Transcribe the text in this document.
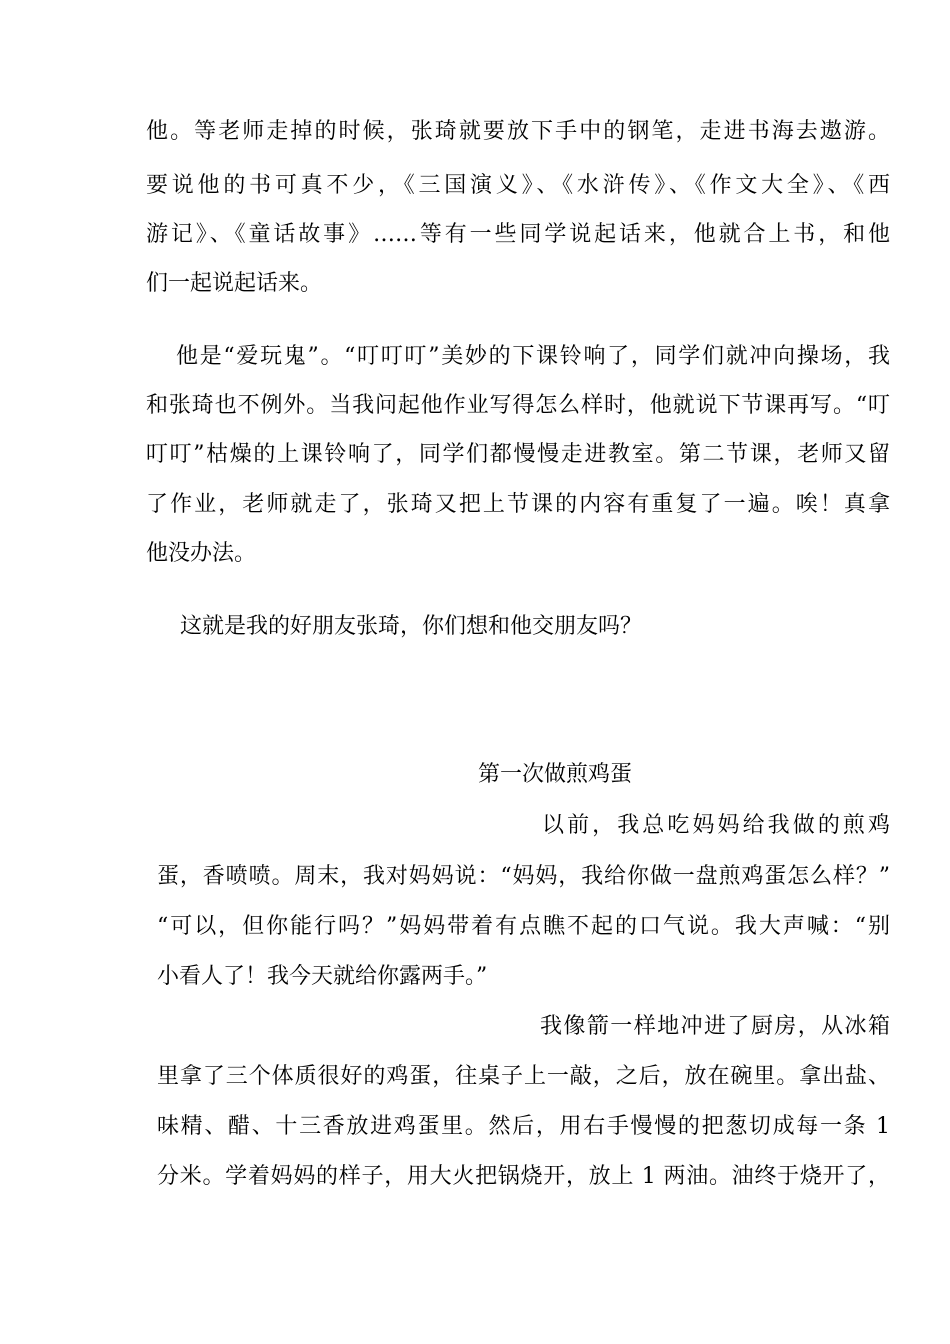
他。等老师走掉的时候，张琦就要放下手中的钢笔，走进书海去遨游。
要说他的书可真不少，《三国演义》、《水浒传》、《作文大全》、《西
游记》、《童话故事》……等有一些同学说起话来，他就合上书，和他
们一起说起话来。
他是“爱玩鬼”。“叮叮叮”美妙的下课铃响了，同学们就冲向操场，我
和张琦也不例外。当我问起他作业写得怎么样时，他就说下节课再写。“叮
叮叮”枯燥的上课铃响了，同学们都慢慢走进教室。第二节课，老师又留
了作业，老师就走了，张琦又把上节课的内容有重复了一遍。唉！真拿
他没办法。
这就是我的好朋友张琦，你们想和他交朋友吗？
第一次做煎鸡蛋
以前，我总吃妈妈给我做的煎鸡
蛋，香喷喷。周末，我对妈妈说：“妈妈，我给你做一盘煎鸡蛋怎么样？”
“可以，但你能行吗？”妈妈带着有点瞧不起的口气说。我大声喊：“别
小看人了！我今天就给你露两手。”
我像箭一样地冲进了厨房，从冰箱
里拿了三个体质很好的鸡蛋，往桌子上一敲，之后，放在碗里。拿出盐、
味精、醋、十三香放进鸡蛋里。然后，用右手慢慢的把葱切成每一条 1
分米。学着妈妈的样子，用大火把锅烧开，放上 1 两油。油终于烧开了，
